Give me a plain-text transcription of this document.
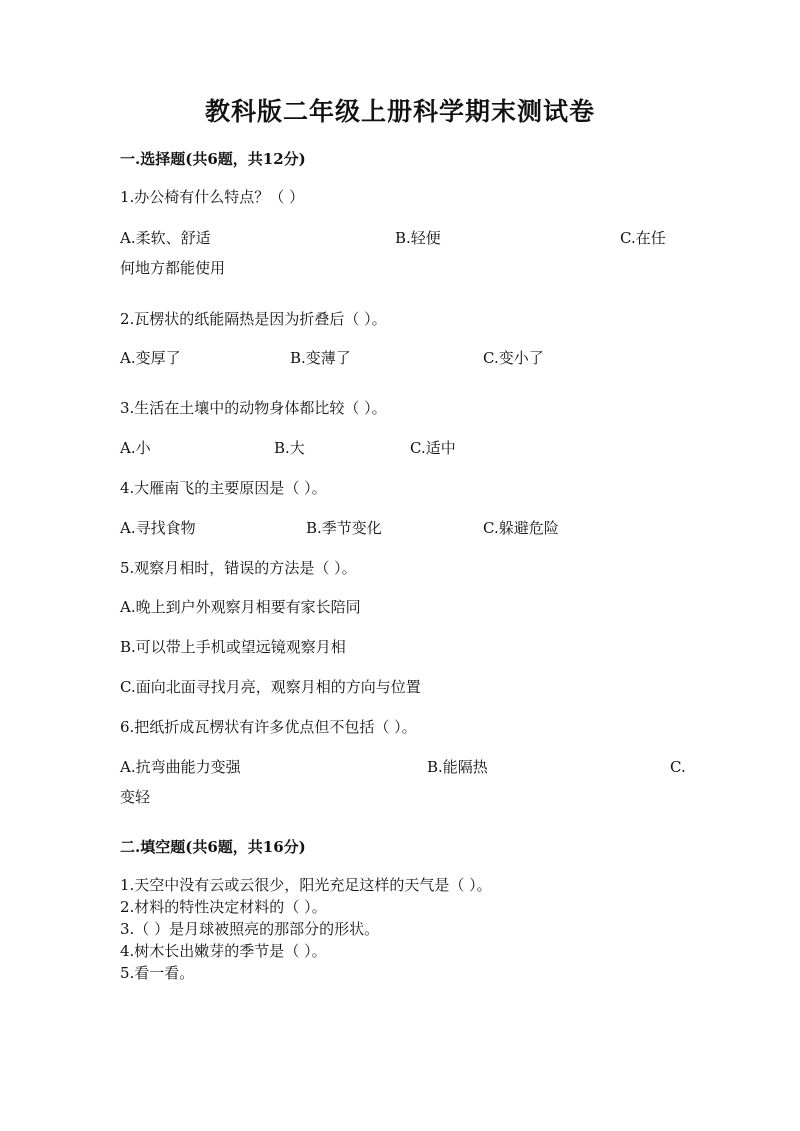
教科版二年级上册科学期末测试卷
一.选择题(共6题，共12分)
1.办公椅有什么特点？（ ）
A.柔软、舒适	B.轻便	C.在任
何地方都能使用
2.瓦楞状的纸能隔热是因为折叠后（ ）。
A.变厚了	B.变薄了	C.变小了
3.生活在土壤中的动物身体都比较（ ）。
A.小	B.大	C.适中
4.大雁南飞的主要原因是（ ）。
A.寻找食物	B.季节变化	C.躲避危险
5.观察月相时，错误的方法是（ ）。
A.晚上到户外观察月相要有家长陪同
B.可以带上手机或望远镜观察月相
C.面向北面寻找月亮，观察月相的方向与位置
6.把纸折成瓦楞状有许多优点但不包括（ ）。
A.抗弯曲能力变强	B.能隔热	C.
变轻
二.填空题(共6题，共16分)
1.天空中没有云或云很少，阳光充足这样的天气是（ ）。
2.材料的特性决定材料的（ ）。
3.（ ）是月球被照亮的那部分的形状。
4.树木长出嫩芽的季节是（ ）。
5.看一看。
